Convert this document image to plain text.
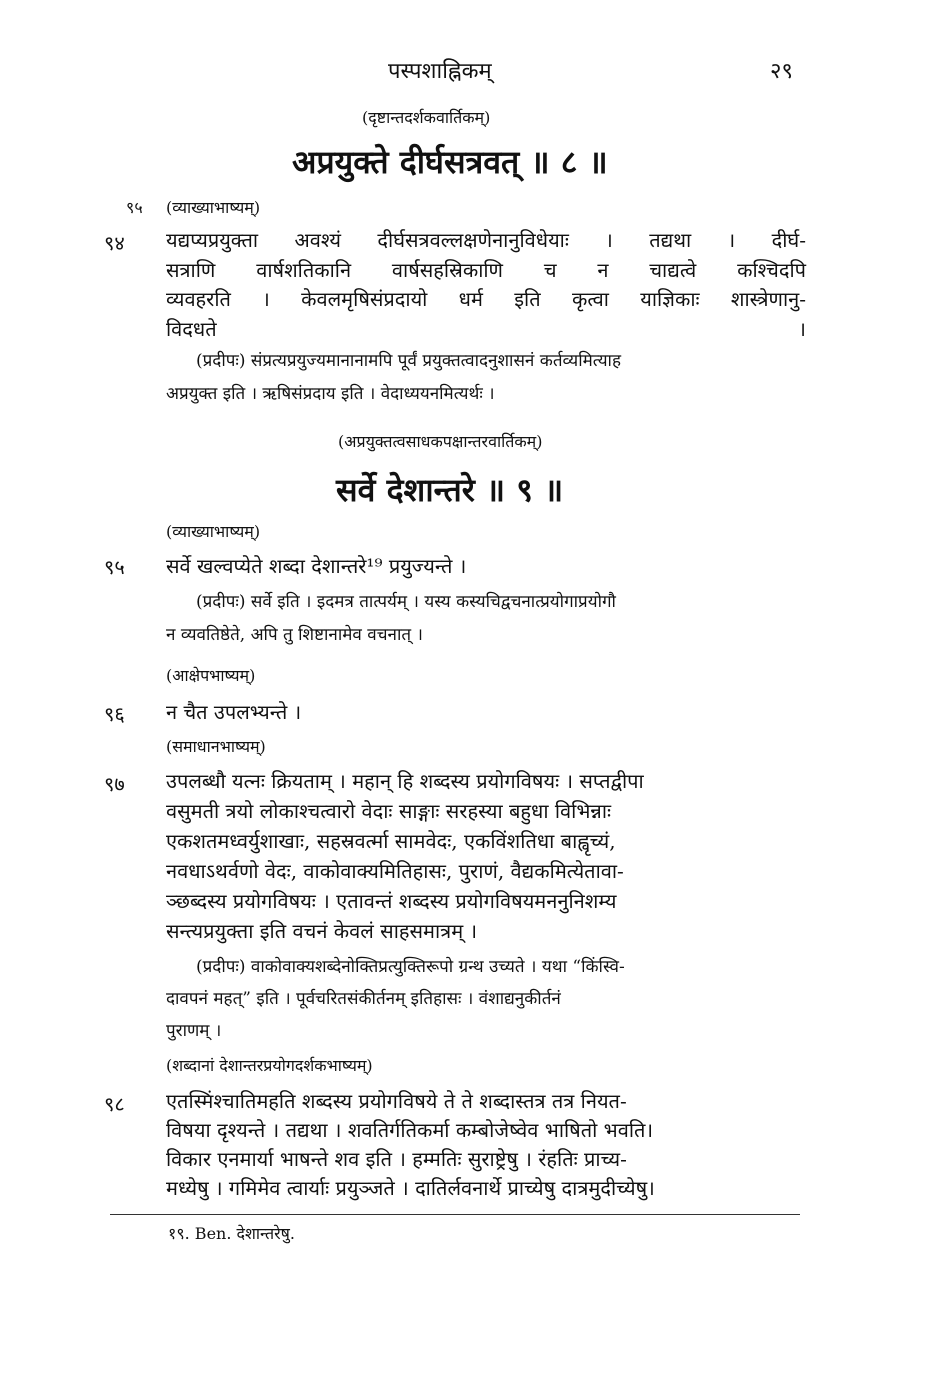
पस्पशाह्निकम्	२९
(दृष्टान्तदर्शकवार्तिकम्)
अप्रयुक्ते दीर्घसत्रवत् ॥ ८ ॥
९५ (व्याख्याभाष्यम्)
९४ यद्यप्यप्रयुक्ता अवश्यं दीर्घसत्रवल्लक्षणेनानुविधेयाः । तद्यथा । दीर्घ-
सत्राणि वार्षशतिकानि वार्षसहस्रिकाणि च न चाद्यत्वे कश्चिदपि
व्यवहरति । केवलमृषिसंप्रदायो धर्म इति कृत्वा याज्ञिकाः शास्त्रेणानु-
विदधते ।
(प्रदीपः) संप्रत्यप्रयुज्यमानानामपि पूर्वं प्रयुक्तत्वादनुशासनं कर्तव्यमित्याह
अप्रयुक्त इति । ऋषिसंप्रदाय इति । वेदाध्ययनमित्यर्थः ।
(अप्रयुक्तत्वसाधकपक्षान्तरवार्तिकम्)
सर्वे देशान्तरे ॥ ९ ॥
(व्याख्याभाष्यम्)
९५ सर्वे खल्वप्येते शब्दा देशान्तरे¹⁹ प्रयुज्यन्ते ।
(प्रदीपः) सर्वे इति । इदमत्र तात्पर्यम् । यस्य कस्यचिद्वचनात्प्रयोगाप्रयोगौ
न व्यवतिष्ठेते, अपि तु शिष्टानामेव वचनात् ।
(आक्षेपभाष्यम्)
९६ न चैत उपलभ्यन्ते ।
(समाधानभाष्यम्)
९७ उपलब्धौ यत्नः क्रियताम् । महान् हि शब्दस्य प्रयोगविषयः । सप्तद्वीपा
वसुमती त्रयो लोकाश्चत्वारो वेदाः साङ्गाः सरहस्या बहुधा विभिन्नाः
एकशतमध्वर्युशाखाः, सहस्रवर्त्मा सामवेदः, एकविंशतिधा बाह्वृच्यं,
नवधाऽथर्वणो वेदः, वाकोवाक्यमितिहासः, पुराणं, वैद्यकमित्येतावा-
ञ्छब्दस्य प्रयोगविषयः । एतावन्तं शब्दस्य प्रयोगविषयमननुनिशम्य
सन्त्यप्रयुक्ता इति वचनं केवलं साहसमात्रम् ।
(प्रदीपः) वाकोवाक्यशब्देनोक्तिप्रत्युक्तिरूपो ग्रन्थ उच्यते । यथा “किंस्वि-
दावपनं महत्” इति । पूर्वचरितसंकीर्तनम् इतिहासः । वंशाद्यनुकीर्तनं
पुराणम् ।
(शब्दानां देशान्तरप्रयोगदर्शकभाष्यम्)
९८ एतस्मिंश्चातिमहति शब्दस्य प्रयोगविषये ते ते शब्दास्तत्र तत्र नियत-
विषया दृश्यन्ते । तद्यथा । शवतिर्गतिकर्मा कम्बोजेष्वेव भाषितो भवति।
विकार एनमार्या भाषन्ते शव इति । हम्मतिः सुराष्ट्रेषु । रंहतिः प्राच्य-
मध्येषु । गमिमेव त्वार्याः प्रयुञ्जते । दातिर्लवनार्थे प्राच्येषु दात्रमुदीच्येषु।
१९. Ben. देशान्तरेषु.
